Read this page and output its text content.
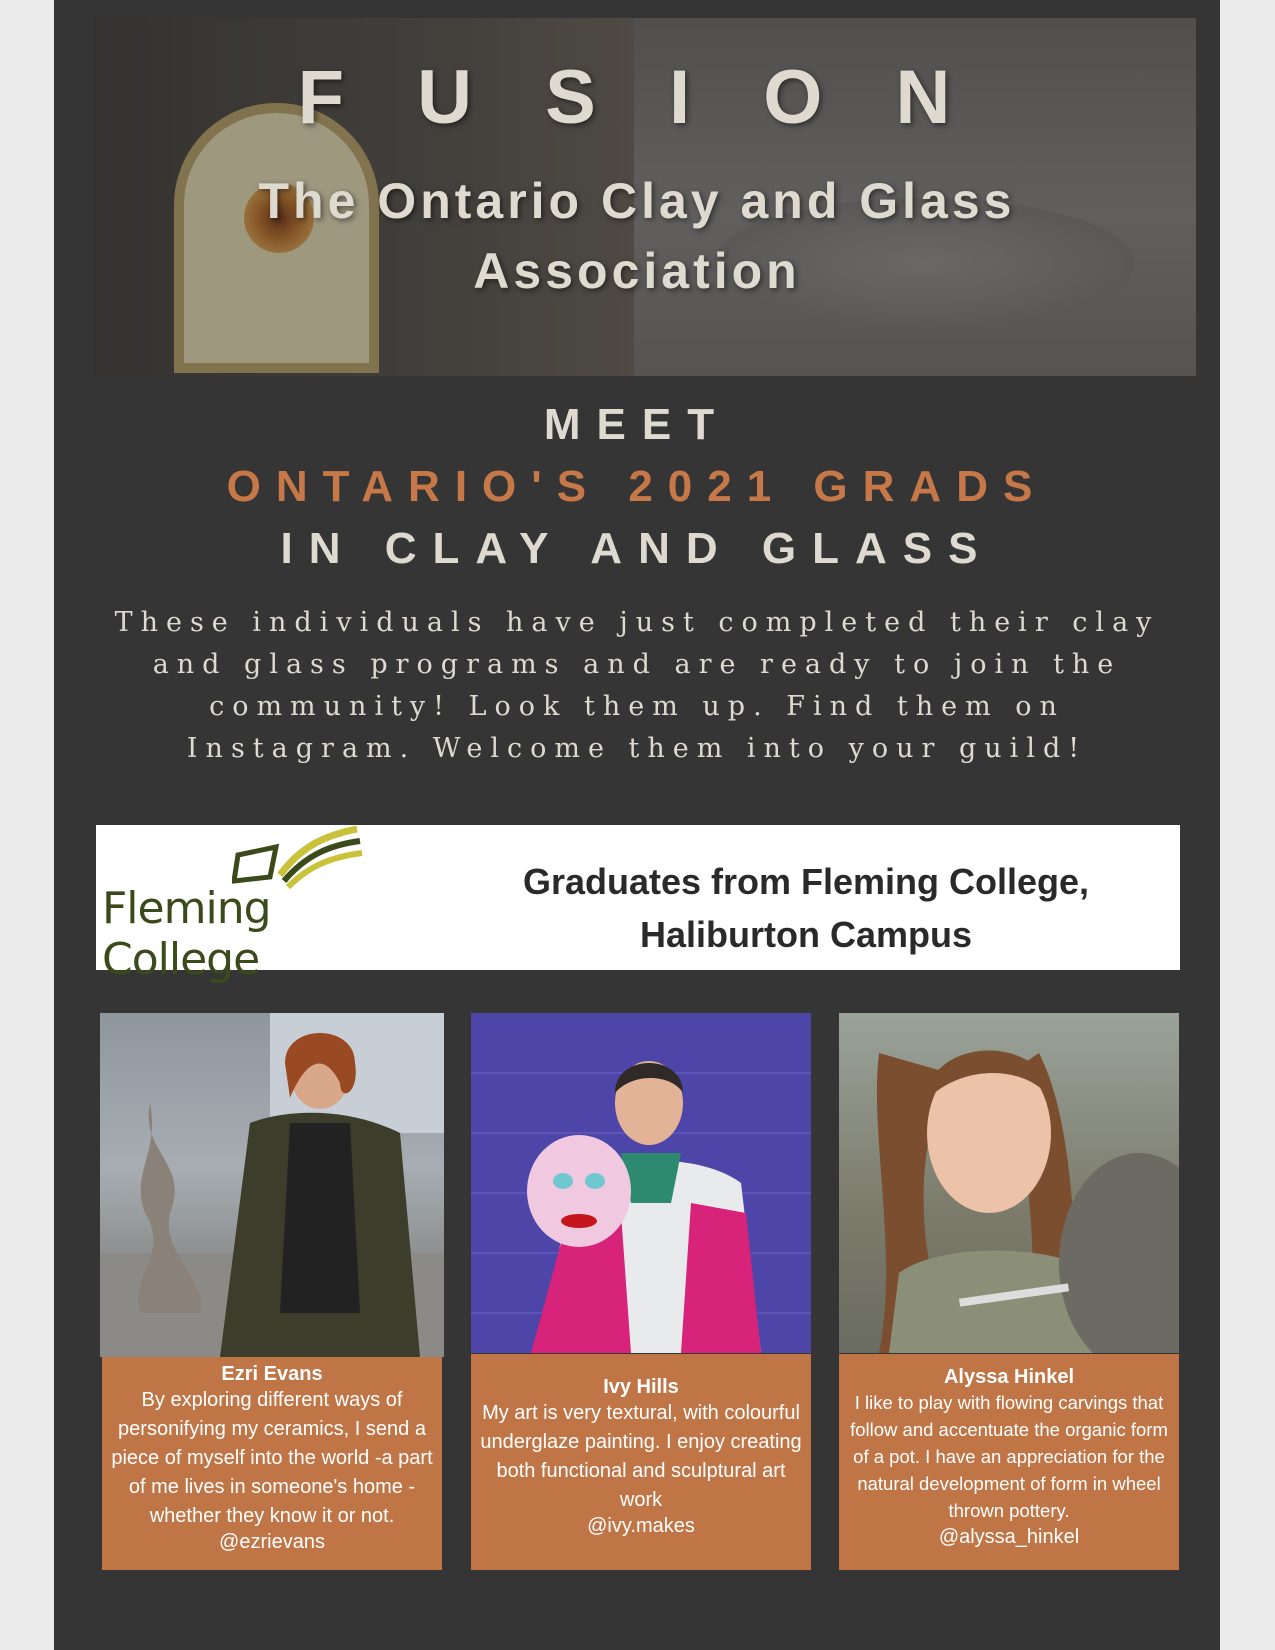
F U S I O N
The Ontario Clay and Glass Association
MEET
ONTARIO'S 2021 GRADS
IN CLAY AND GLASS
These individuals have just completed their clay and glass programs and are ready to join the community! Look them up. Find them on Instagram. Welcome them into your guild!
Fleming College
Graduates from Fleming College, Haliburton Campus
Ezri Evans
By exploring different ways of personifying my ceramics, I send a piece of myself into the world -a part of me lives in someone's home - whether they know it or not.
@ezrievans
Ivy Hills
My art is very textural, with colourful underglaze painting. I enjoy creating both functional and sculptural art work
@ivy.makes
Alyssa Hinkel
I like to play with flowing carvings that follow and accentuate the organic form of a pot. I have an appreciation for the natural development of form in wheel thrown pottery.
@alyssa_hinkel
